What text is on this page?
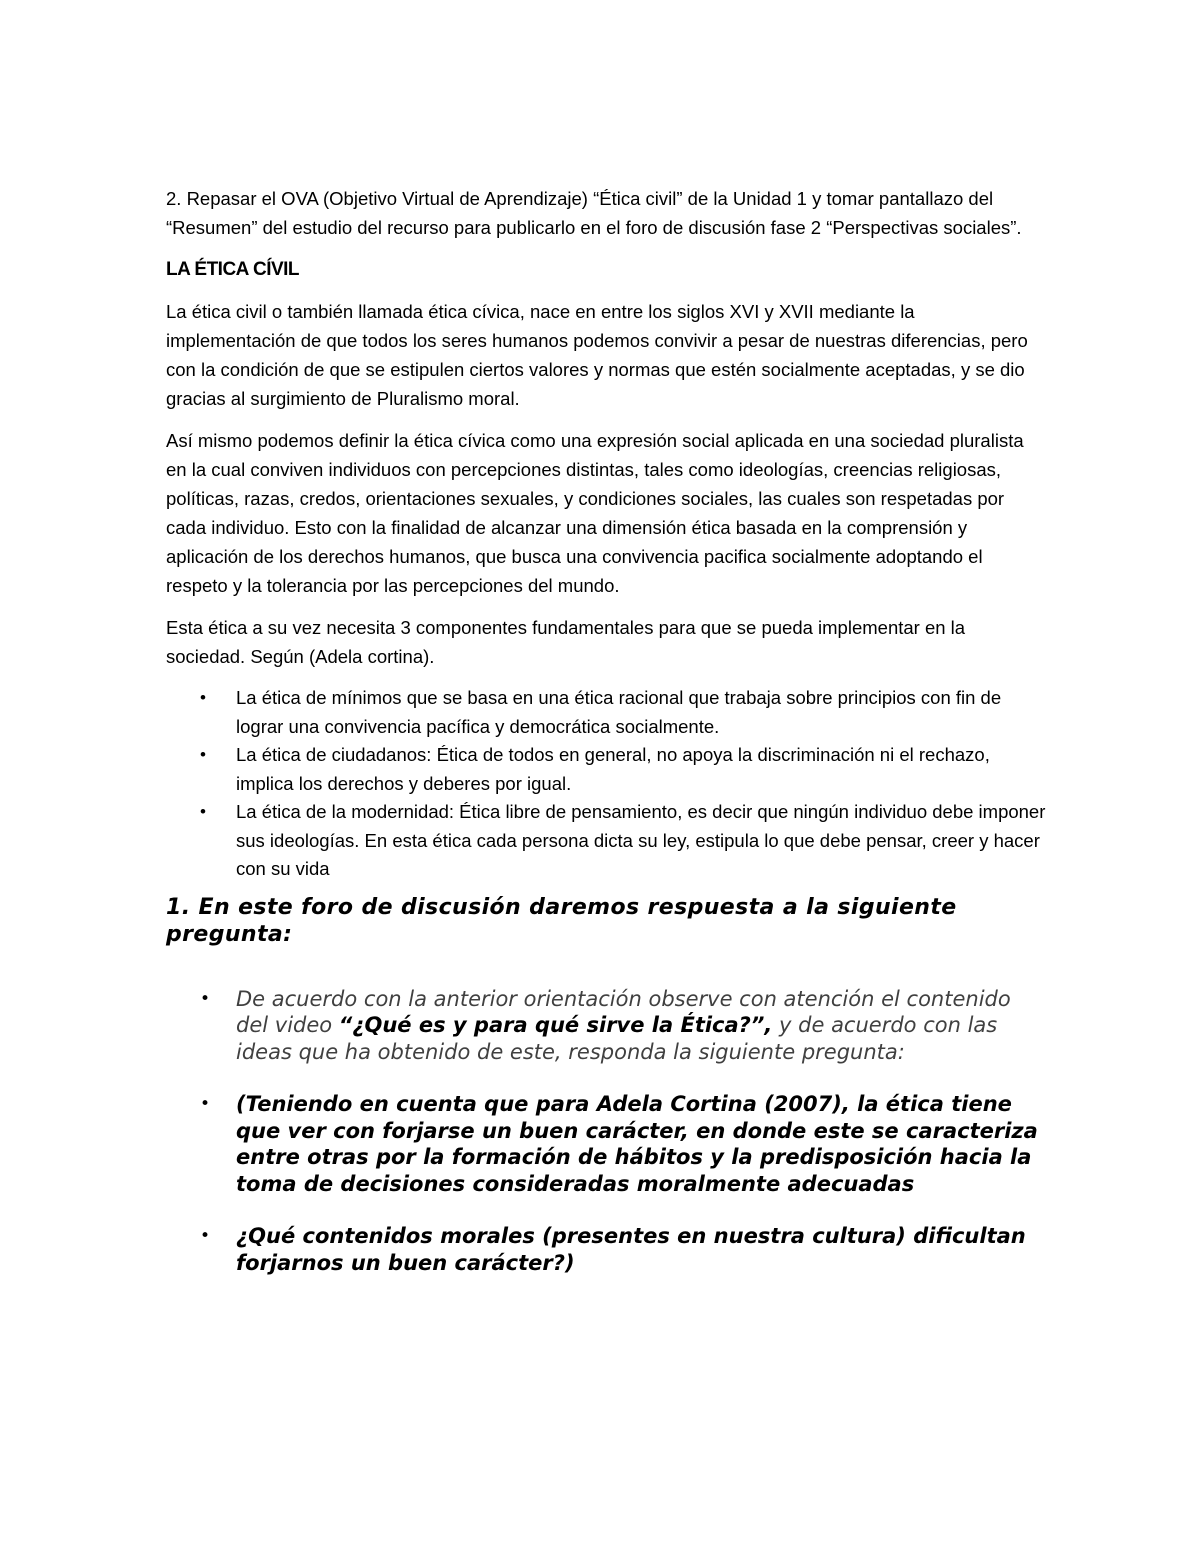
2. Repasar el OVA (Objetivo Virtual de Aprendizaje) “Ética civil” de la Unidad 1 y tomar pantallazo del “Resumen” del estudio del recurso para publicarlo en el foro de discusión fase 2 “Perspectivas sociales”.

LA ÉTICA CÍVIL

La ética civil o también llamada ética cívica, nace en entre los siglos XVI y XVII mediante la implementación de que todos los seres humanos podemos convivir a pesar de nuestras diferencias, pero con la condición de que se estipulen ciertos valores y normas que estén socialmente aceptadas, y se dio gracias al surgimiento de Pluralismo moral.

Así mismo podemos definir la ética cívica como una expresión social aplicada en una sociedad pluralista en la cual conviven individuos con percepciones distintas, tales como ideologías, creencias religiosas, políticas, razas, credos, orientaciones sexuales, y condiciones sociales, las cuales son respetadas por cada individuo. Esto con la finalidad de alcanzar una dimensión ética basada en la comprensión y aplicación de los derechos humanos, que busca una convivencia pacifica socialmente adoptando el respeto y la tolerancia por las percepciones del mundo.

Esta ética a su vez necesita 3 componentes fundamentales para que se pueda implementar en la sociedad. Según (Adela cortina).

• La ética de mínimos que se basa en una ética racional que trabaja sobre principios con fin de lograr una convivencia pacífica y democrática socialmente.
• La ética de ciudadanos: Ética de todos en general, no apoya la discriminación ni el rechazo, implica los derechos y deberes por igual.
• La ética de la modernidad: Ética libre de pensamiento, es decir que ningún individuo debe imponer sus ideologías. En esta ética cada persona dicta su ley, estipula lo que debe pensar, creer y hacer con su vida
1. En este foro de discusión daremos respuesta a la siguiente pregunta:
• De acuerdo con la anterior orientación observe con atención el contenido del video “¿Qué es y para qué sirve la Ética?”, y de acuerdo con las ideas que ha obtenido de este, responda la siguiente pregunta:
• (Teniendo en cuenta que para Adela Cortina (2007), la ética tiene que ver con forjarse un buen carácter, en donde este se caracteriza entre otras por la formación de hábitos y la predisposición hacia la toma de decisiones consideradas moralmente adecuadas
• ¿Qué contenidos morales (presentes en nuestra cultura) dificultan forjarnos un buen carácter?)
